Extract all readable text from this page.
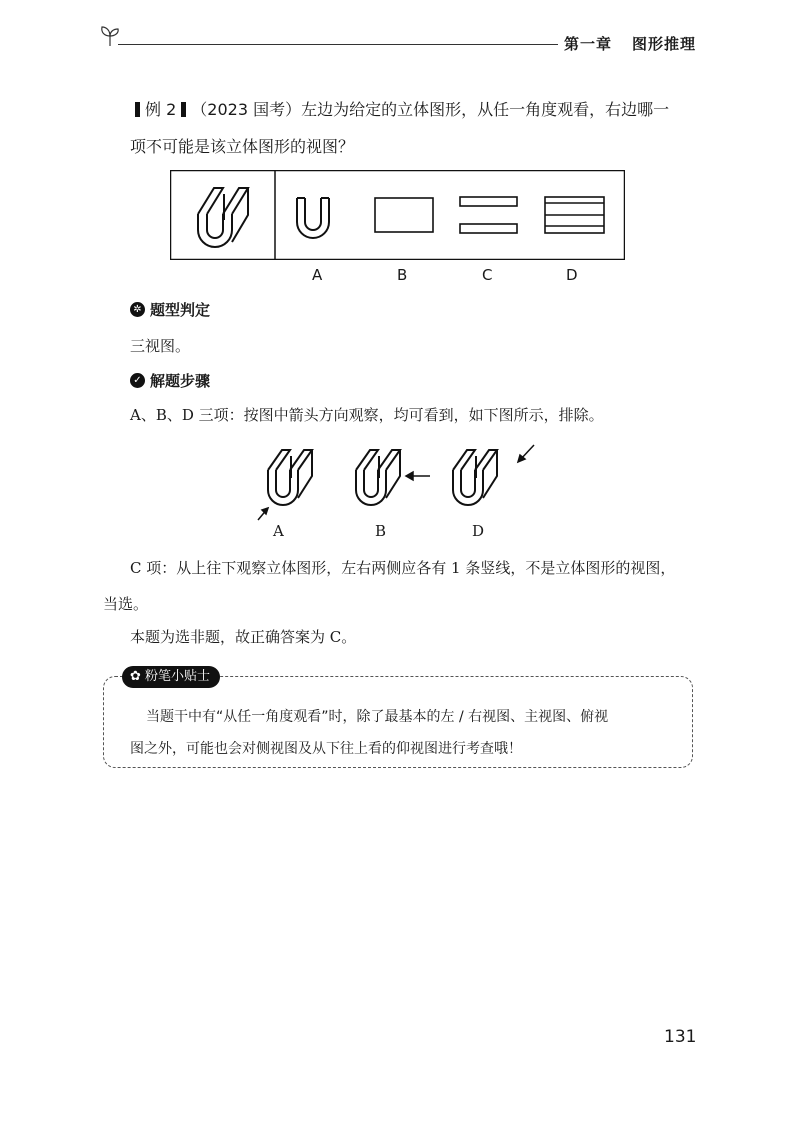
第一章 图形推理
例 2 （2023 国考）左边为给定的立体图形，从任一角度观看，右边哪一
项不可能是该立体图形的视图？
A	B	C	D
✲ 题型判定
三视图。
✓ 解题步骤
A、B、D 三项：按图中箭头方向观察，均可看到，如下图所示，排除。
A	B	D
C 项：从上往下观察立体图形，左右两侧应各有 1 条竖线，不是立体图形的视图，
当选。
本题为选非题，故正确答案为 C。
✿ 粉笔小贴士
当题干中有“从任一角度观看”时，除了最基本的左 / 右视图、主视图、俯视
图之外，可能也会对侧视图及从下往上看的仰视图进行考查哦！
131
